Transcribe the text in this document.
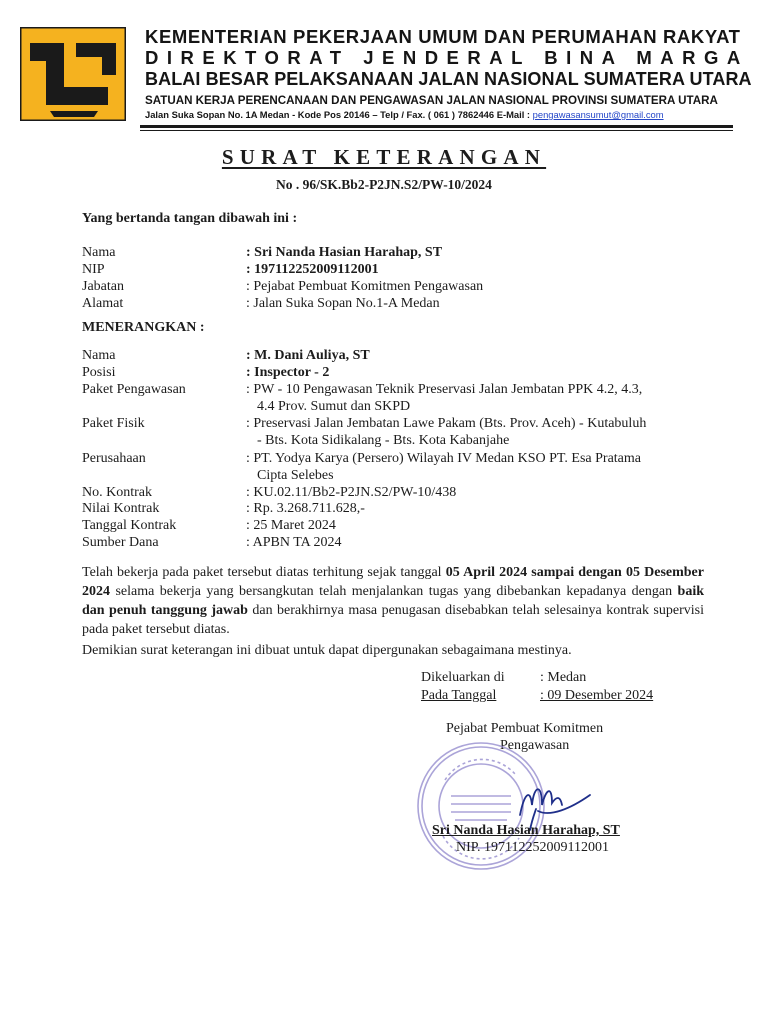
KEMENTERIAN PEKERJAAN UMUM DAN PERUMAHAN RAKYAT
DIREKTORAT JENDERAL BINA MARGA
BALAI BESAR PELAKSANAAN JALAN NASIONAL SUMATERA UTARA
SATUAN KERJA PERENCANAAN DAN PENGAWASAN JALAN NASIONAL PROVINSI SUMATERA UTARA
Jalan Suka Sopan No. 1A Medan - Kode Pos 20146 – Telp / Fax. ( 061 ) 7862446 E-Mail : pengawasansumut@gmail.com
SURAT KETERANGAN
No . 96/SK.Bb2-P2JN.S2/PW-10/2024
Yang bertanda tangan dibawah ini :
Nama	: Sri Nanda Hasian Harahap, ST
NIP	: 197112252009112001
Jabatan	: Pejabat Pembuat Komitmen Pengawasan
Alamat	: Jalan Suka Sopan No.1-A Medan
MENERANGKAN :
Nama	: M. Dani Auliya, ST
Posisi	: Inspector - 2
Paket Pengawasan	: PW - 10 Pengawasan Teknik Preservasi Jalan Jembatan PPK 4.2, 4.3,
4.4 Prov. Sumut dan SKPD
Paket Fisik	: Preservasi Jalan Jembatan Lawe Pakam (Bts. Prov. Aceh) - Kutabuluh
- Bts. Kota Sidikalang - Bts. Kota Kabanjahe
Perusahaan	: PT. Yodya Karya (Persero) Wilayah IV Medan KSO PT. Esa Pratama
Cipta Selebes
No. Kontrak	: KU.02.11/Bb2-P2JN.S2/PW-10/438
Nilai Kontrak	: Rp. 3.268.711.628,-
Tanggal Kontrak	: 25 Maret 2024
Sumber Dana	: APBN TA 2024
Telah bekerja pada paket tersebut diatas terhitung sejak tanggal 05 April 2024 sampai dengan 05 Desember 2024 selama bekerja yang bersangkutan telah menjalankan tugas yang dibebankan kepadanya dengan baik dan penuh tanggung jawab dan berakhirnya masa penugasan disebabkan telah selesainya kontrak supervisi pada paket tersebut diatas.
Demikian surat keterangan ini dibuat untuk dapat dipergunakan sebagaimana mestinya.
Dikeluarkan di	: Medan
Pada Tanggal	: 09 Desember 2024
Pejabat Pembuat Komitmen
Pengawasan
Sri Nanda Hasian Harahap, ST
NIP. 197112252009112001
